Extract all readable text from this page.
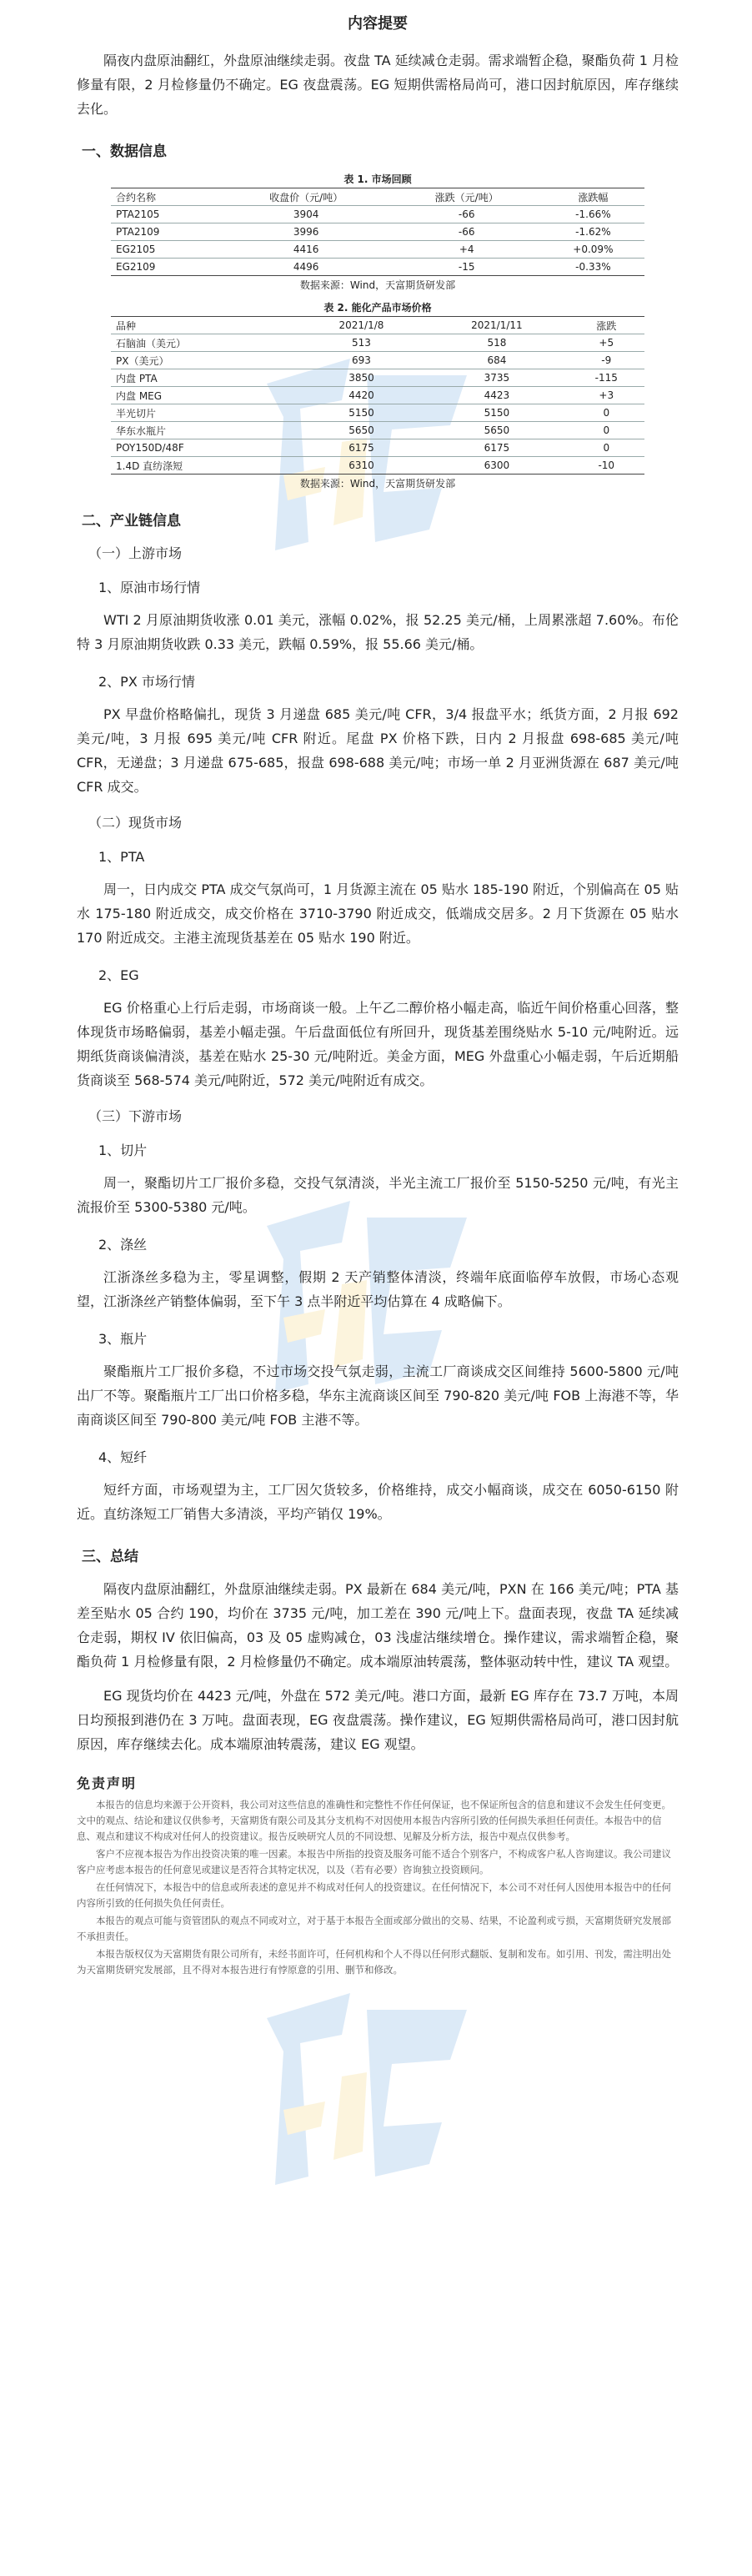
内容提要

隔夜内盘原油翻红，外盘原油继续走弱。夜盘 TA 延续减仓走弱。需求端暂企稳，聚酯负荷 1 月检修量有限，2 月检修量仍不确定。EG 夜盘震荡。EG 短期供需格局尚可，港口因封航原因，库存继续去化。

一、数据信息
表 1. 市场回顾
合约名称	收盘价（元/吨）	涨跌（元/吨）	涨跌幅
PTA2105	3904	-66	-1.66%
PTA2109	3996	-66	-1.62%
EG2105	4416	+4	+0.09%
EG2109	4496	-15	-0.33%
数据来源：Wind，天富期货研发部
表 2. 能化产品市场价格
品种	2021/1/8	2021/1/11	涨跌
石脑油（美元）	513	518	+5
PX（美元）	693	684	-9
内盘 PTA	3850	3735	-115
内盘 MEG	4420	4423	+3
半光切片	5150	5150	0
华东水瓶片	5650	5650	0
POY150D/48F	6175	6175	0
1.4D 直纺涤短	6310	6300	-10
数据来源：Wind，天富期货研发部
二、产业链信息
（一）上游市场
1、原油市场行情

WTI 2 月原油期货收涨 0.01 美元，涨幅 0.02%，报 52.25 美元/桶，上周累涨超 7.60%。布伦特 3 月原油期货收跌 0.33 美元，跌幅 0.59%，报 55.66 美元/桶。

2、PX 市场行情

PX 早盘价格略偏扎，现货 3 月递盘 685 美元/吨 CFR，3/4 报盘平水；纸货方面，2 月报 692 美元/吨，3 月报 695 美元/吨 CFR 附近。尾盘 PX 价格下跌，日内 2 月报盘 698-685 美元/吨 CFR，无递盘；3 月递盘 675-685，报盘 698-688 美元/吨；市场一单 2 月亚洲货源在 687 美元/吨 CFR 成交。

（二）现货市场
1、PTA

周一，日内成交 PTA 成交气氛尚可，1 月货源主流在 05 贴水 185-190 附近，个别偏高在 05 贴水 175-180 附近成交，成交价格在 3710-3790 附近成交，低端成交居多。2 月下货源在 05 贴水 170 附近成交。主港主流现货基差在 05 贴水 190 附近。

2、EG

EG 价格重心上行后走弱，市场商谈一般。上午乙二醇价格小幅走高，临近午间价格重心回落，整体现货市场略偏弱，基差小幅走强。午后盘面低位有所回升，现货基差围绕贴水 5-10 元/吨附近。远期纸货商谈偏清淡，基差在贴水 25-30 元/吨附近。美金方面，MEG 外盘重心小幅走弱，午后近期船货商谈至 568-574 美元/吨附近，572 美元/吨附近有成交。

（三）下游市场
1、切片

周一，聚酯切片工厂报价多稳，交投气氛清淡，半光主流工厂报价至 5150-5250 元/吨，有光主流报价至 5300-5380 元/吨。

2、涤丝

江浙涤丝多稳为主，零星调整，假期 2 天产销整体清淡，终端年底面临停车放假，市场心态观望，江浙涤丝产销整体偏弱，至下午 3 点半附近平均估算在 4 成略偏下。

3、瓶片

聚酯瓶片工厂报价多稳，不过市场交投气氛走弱，主流工厂商谈成交区间维持 5600-5800 元/吨出厂不等。聚酯瓶片工厂出口价格多稳，华东主流商谈区间至 790-820 美元/吨 FOB 上海港不等，华南商谈区间至 790-800 美元/吨 FOB 主港不等。

4、短纤

短纤方面，市场观望为主，工厂因欠货较多，价格维持，成交小幅商谈，成交在 6050-6150 附近。直纺涤短工厂销售大多清淡，平均产销仅 19%。

三、总结

隔夜内盘原油翻红，外盘原油继续走弱。PX 最新在 684 美元/吨，PXN 在 166 美元/吨；PTA 基差至贴水 05 合约 190，均价在 3735 元/吨，加工差在 390 元/吨上下。盘面表现，夜盘 TA 延续减仓走弱，期权 IV 依旧偏高，03 及 05 虚购减仓，03 浅虚沽继续增仓。操作建议，需求端暂企稳，聚酯负荷 1 月检修量有限，2 月检修量仍不确定。成本端原油转震荡，整体驱动转中性，建议 TA 观望。

EG 现货均价在 4423 元/吨，外盘在 572 美元/吨。港口方面，最新 EG 库存在 73.7 万吨，本周日均预报到港仍在 3 万吨。盘面表现，EG 夜盘震荡。操作建议，EG 短期供需格局尚可，港口因封航原因，库存继续去化。成本端原油转震荡，建议 EG 观望。

免责声明

本报告的信息均来源于公开资料，我公司对这些信息的准确性和完整性不作任何保证，也不保证所包含的信息和建议不会发生任何变更。文中的观点、结论和建议仅供参考，天富期货有限公司及其分支机构不对因使用本报告内容所引致的任何损失承担任何责任。本报告中的信息、观点和建议不构成对任何人的投资建议。报告反映研究人员的不同设想、见解及分析方法，报告中观点仅供参考。

客户不应视本报告为作出投资决策的唯一因素。本报告中所指的投资及服务可能不适合个别客户，不构成客户私人咨询建议。我公司建议客户应考虑本报告的任何意见或建议是否符合其特定状况，以及（若有必要）咨询独立投资顾问。

在任何情况下，本报告中的信息或所表述的意见并不构成对任何人的投资建议。在任何情况下，本公司不对任何人因使用本报告中的任何内容所引致的任何损失负任何责任。

本报告的观点可能与资管团队的观点不同或对立，对于基于本报告全面或部分做出的交易、结果，不论盈利或亏损，天富期货研究发展部不承担责任。

本报告版权仅为天富期货有限公司所有，未经书面许可，任何机构和个人不得以任何形式翻版、复制和发布。如引用、刊发，需注明出处为天富期货研究发展部，且不得对本报告进行有悖原意的引用、删节和修改。
